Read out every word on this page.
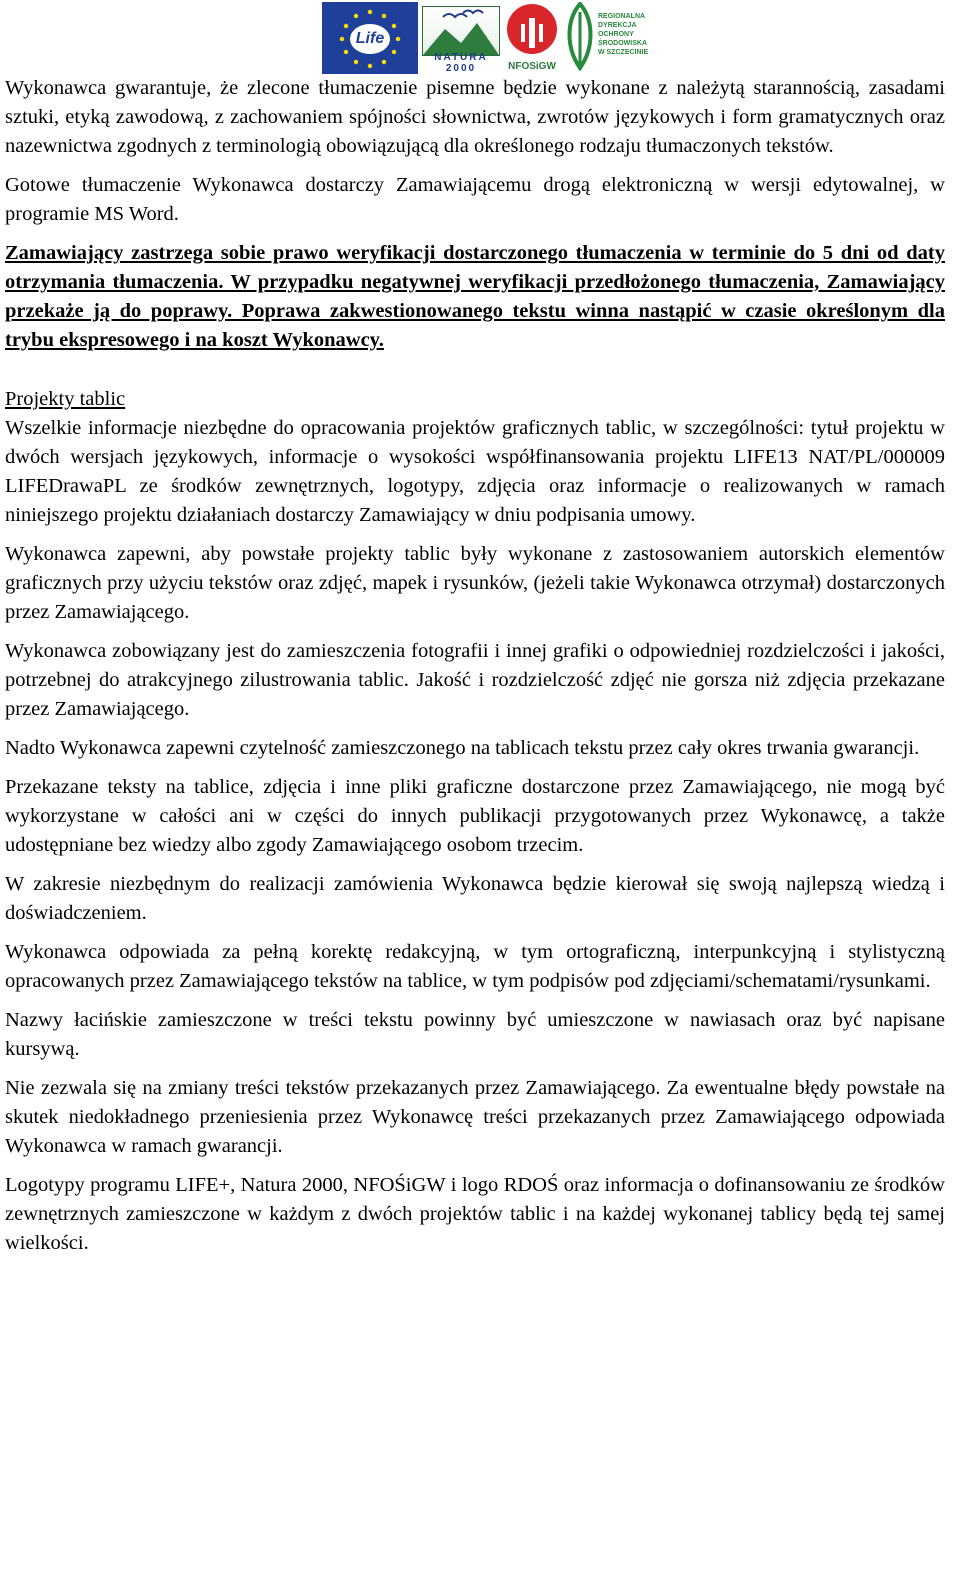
Life
NATURA 2000	NFOSiGW
REGIONALNA
DYREKCJA
OCHRONY
ŚRODOWISKA
W SZCZECINIE

Wykonawca gwarantuje, że zlecone tłumaczenie pisemne będzie wykonane z należytą starannością, zasadami sztuki, etyką zawodową, z zachowaniem spójności słownictwa, zwrotów językowych i form gramatycznych oraz nazewnictwa zgodnych z terminologią obowiązującą dla określonego rodzaju tłumaczonych tekstów.

Gotowe tłumaczenie Wykonawca dostarczy Zamawiającemu drogą elektroniczną w wersji edytowalnej, w programie MS Word.

Zamawiający zastrzega sobie prawo weryfikacji dostarczonego tłumaczenia w terminie do 5 dni od daty otrzymania tłumaczenia. W przypadku negatywnej weryfikacji przedłożonego tłumaczenia, Zamawiający przekaże ją do poprawy. Poprawa zakwestionowanego tekstu winna nastąpić w czasie określonym dla trybu ekspresowego i na koszt Wykonawcy.

Projekty tablic

Wszelkie informacje niezbędne do opracowania projektów graficznych tablic, w szczególności: tytuł projektu w dwóch wersjach językowych, informacje o wysokości współfinansowania projektu LIFE13 NAT/PL/000009 LIFEDrawaPL ze środków zewnętrznych, logotypy, zdjęcia oraz informacje o realizowanych w ramach niniejszego projektu działaniach dostarczy Zamawiający w dniu podpisania umowy.

Wykonawca zapewni, aby powstałe projekty tablic były wykonane z zastosowaniem autorskich elementów graficznych przy użyciu tekstów oraz zdjęć, mapek i rysunków, (jeżeli takie Wykonawca otrzymał) dostarczonych przez Zamawiającego.

Wykonawca zobowiązany jest do zamieszczenia fotografii i innej grafiki o odpowiedniej rozdzielczości i jakości, potrzebnej do atrakcyjnego zilustrowania tablic. Jakość i rozdzielczość zdjęć nie gorsza niż zdjęcia przekazane przez Zamawiającego.

Nadto Wykonawca zapewni czytelność zamieszczonego na tablicach tekstu przez cały okres trwania gwarancji.

Przekazane teksty na tablice, zdjęcia i inne pliki graficzne dostarczone przez Zamawiającego, nie mogą być wykorzystane w całości ani w części do innych publikacji przygotowanych przez Wykonawcę, a także udostępniane bez wiedzy albo zgody Zamawiającego osobom trzecim.

W zakresie niezbędnym do realizacji zamówienia Wykonawca będzie kierował się swoją najlepszą wiedzą i doświadczeniem.

Wykonawca odpowiada za pełną korektę redakcyjną, w tym ortograficzną, interpunkcyjną i stylistyczną opracowanych przez Zamawiającego tekstów na tablice, w tym podpisów pod zdjęciami/schematami/rysunkami.

Nazwy łacińskie zamieszczone w treści tekstu powinny być umieszczone w nawiasach oraz być napisane kursywą.

Nie zezwala się na zmiany treści tekstów przekazanych przez Zamawiającego. Za ewentualne błędy powstałe na skutek niedokładnego przeniesienia przez Wykonawcę treści przekazanych przez Zamawiającego odpowiada Wykonawca w ramach gwarancji.

Logotypy programu LIFE+, Natura 2000, NFOŚiGW i logo RDOŚ oraz informacja o dofinansowaniu ze środków zewnętrznych zamieszczone w każdym z dwóch projektów tablic i na każdej wykonanej tablicy będą tej samej wielkości.
